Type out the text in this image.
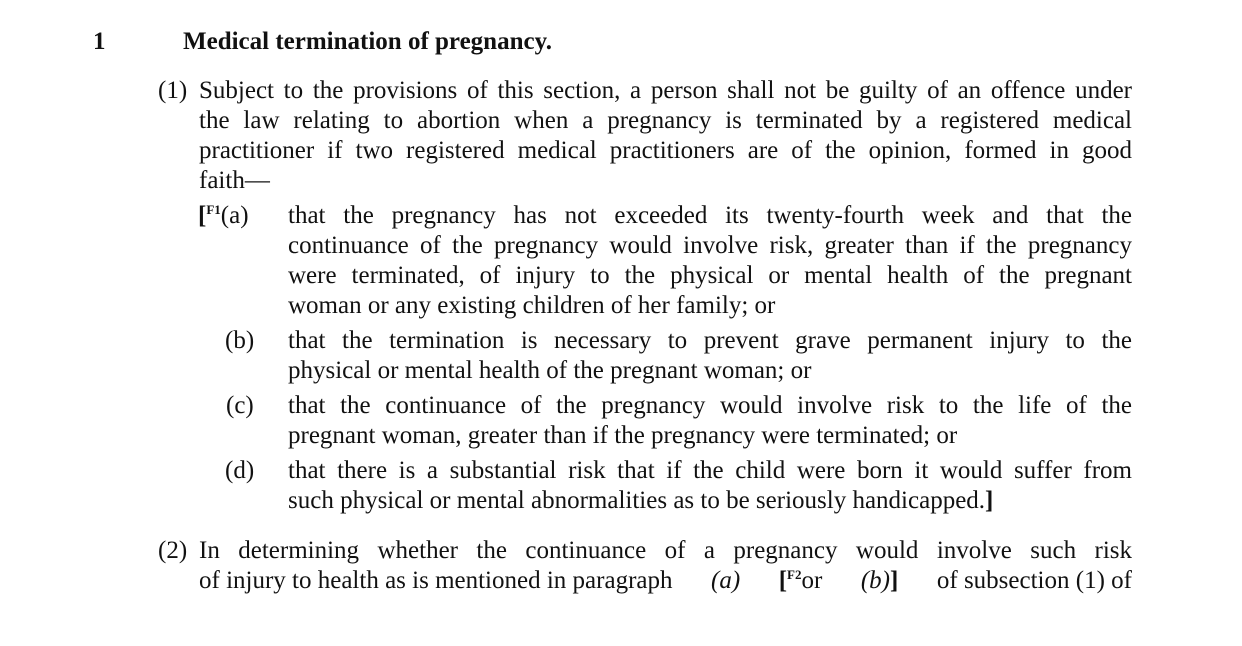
1	Medical termination of pregnancy.
(1) Subject to the provisions of this section, a person shall not be guilty of an offence under
the law relating to abortion when a pregnancy is terminated by a registered medical
practitioner if two registered medical practitioners are of the opinion, formed in good
faith—
[$^{F1}$(a) that the pregnancy has not exceeded its twenty-fourth week and that the
continuance of the pregnancy would involve risk, greater than if the pregnancy
were terminated, of injury to the physical or mental health of the pregnant
woman or any existing children of her family; or
(b) that the termination is necessary to prevent grave permanent injury to the
physical or mental health of the pregnant woman; or
(c) that the continuance of the pregnancy would involve risk to the life of the
pregnant woman, greater than if the pregnancy were terminated; or
(d) that there is a substantial risk that if the child were born it would suffer from
such physical or mental abnormalities as to be seriously handicapped.]
(2) In determining whether the continuance of a pregnancy would involve such risk
of injury to health as is mentioned in paragraph (a) [$^{F2}$or (b)] of subsection (1) of
